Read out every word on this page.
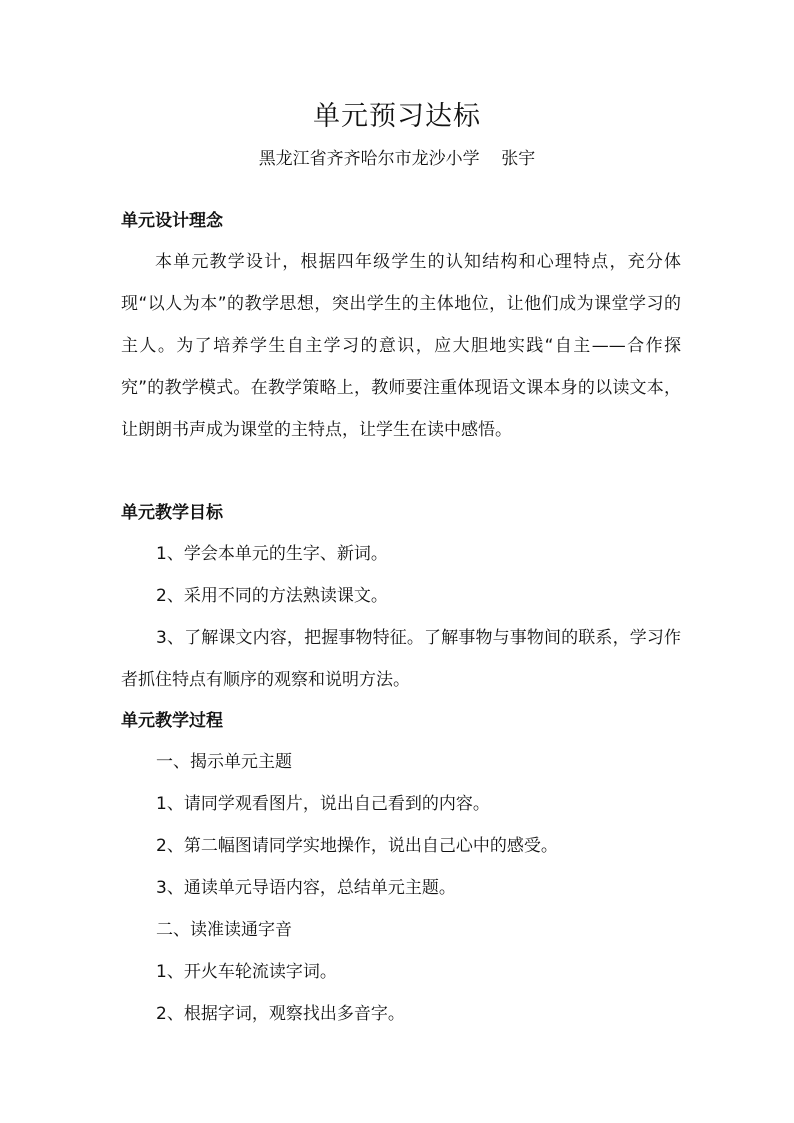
单元预习达标
黑龙江省齐齐哈尔市龙沙小学    张宇
单元设计理念
本单元教学设计，根据四年级学生的认知结构和心理特点，充分体现“以人为本”的教学思想，突出学生的主体地位，让他们成为课堂学习的主人。为了培养学生自主学习的意识，应大胆地实践“自主——合作探究”的教学模式。在教学策略上，教师要注重体现语文课本身的以读文本，让朗朗书声成为课堂的主特点，让学生在读中感悟。
单元教学目标
1、学会本单元的生字、新词。
2、采用不同的方法熟读课文。
3、了解课文内容，把握事物特征。了解事物与事物间的联系，学习作者抓住特点有顺序的观察和说明方法。
单元教学过程
一、揭示单元主题
1、请同学观看图片，说出自己看到的内容。
2、第二幅图请同学实地操作，说出自己心中的感受。
3、通读单元导语内容，总结单元主题。
二、读准读通字音
1、开火车轮流读字词。
2、根据字词，观察找出多音字。
